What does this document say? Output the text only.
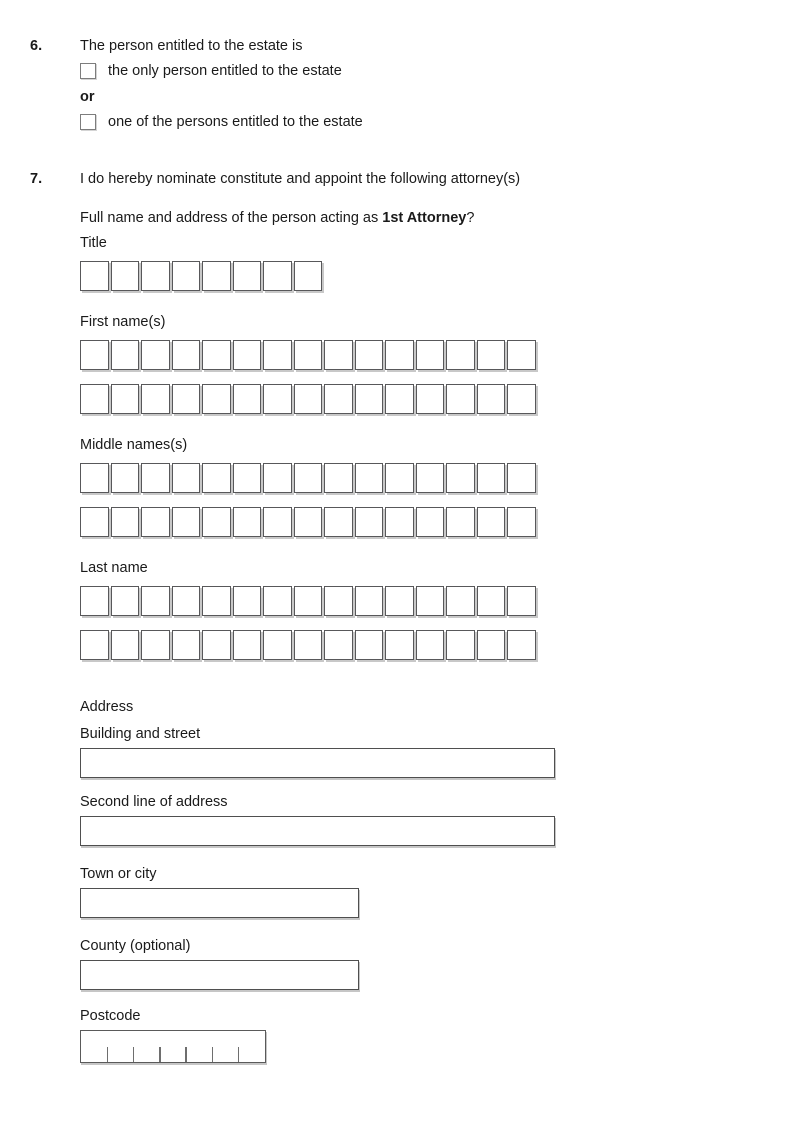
6.	The person entitled to the estate is

the only person entitled to the estate

or

one of the persons entitled to the estate
7.	I do hereby nominate constitute and appoint the following attorney(s)

Full name and address of the person acting as 1st Attorney?

Title

First name(s)

Middle names(s)

Last name

Address

Building and street

Second line of address

Town or city

County (optional)

Postcode
